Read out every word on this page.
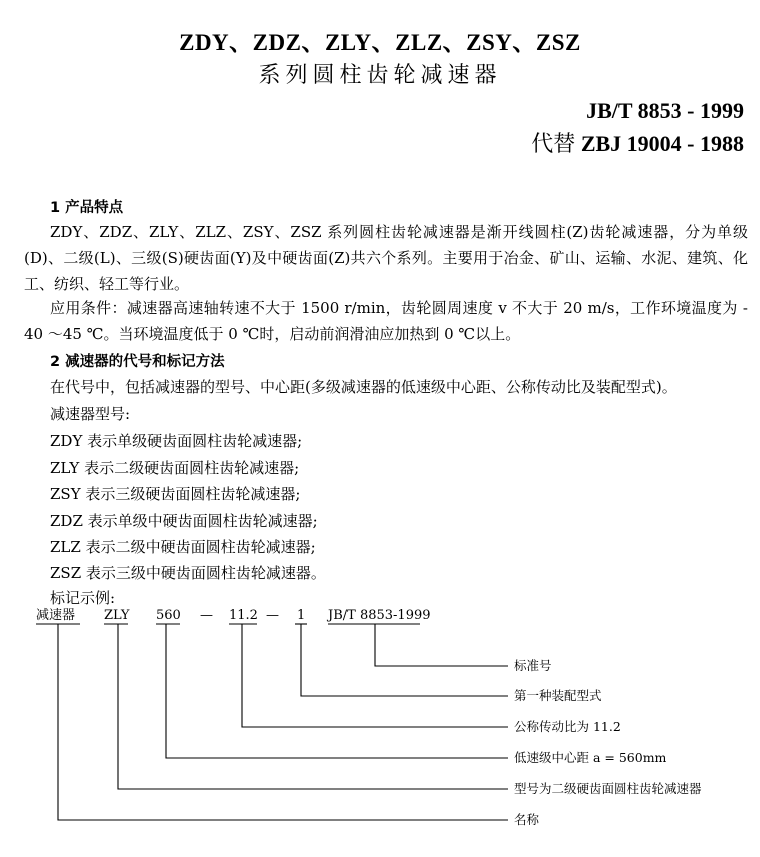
ZDY、ZDZ、ZLY、ZLZ、ZSY、ZSZ
系列圆柱齿轮减速器
JB/T 8853 - 1999
代替 ZBJ 19004 - 1988
1 产品特点
ZDY、ZDZ、ZLY、ZLZ、ZSY、ZSZ 系列圆柱齿轮减速器是渐开线圆柱(Z)齿轮减速器，分为单级(D)、二级(L)、三级(S)硬齿面(Y)及中硬齿面(Z)共六个系列。主要用于冶金、矿山、运输、水泥、建筑、化工、纺织、轻工等行业。
应用条件：减速器高速轴转速不大于 1500 r/min，齿轮圆周速度 v 不大于 20 m/s，工作环境温度为 - 40 ～45 ℃。当环境温度低于 0 ℃时，启动前润滑油应加热到 0 ℃以上。
2 减速器的代号和标记方法
在代号中，包括减速器的型号、中心距(多级减速器的低速级中心距、公称传动比及装配型式)。
减速器型号:
ZDY 表示单级硬齿面圆柱齿轮减速器;
ZLY 表示二级硬齿面圆柱齿轮减速器;
ZSY 表示三级硬齿面圆柱齿轮减速器;
ZDZ 表示单级中硬齿面圆柱齿轮减速器;
ZLZ 表示二级中硬齿面圆柱齿轮减速器;
ZSZ 表示三级中硬齿面圆柱齿轮减速器。
标记示例:
减速器 ZLY 560 — 11.2 — 1 JB/T 8853-1999
标准号
第一种装配型式
公称传动比为 11.2
低速级中心距 a = 560mm
型号为二级硬齿面圆柱齿轮减速器
名称
